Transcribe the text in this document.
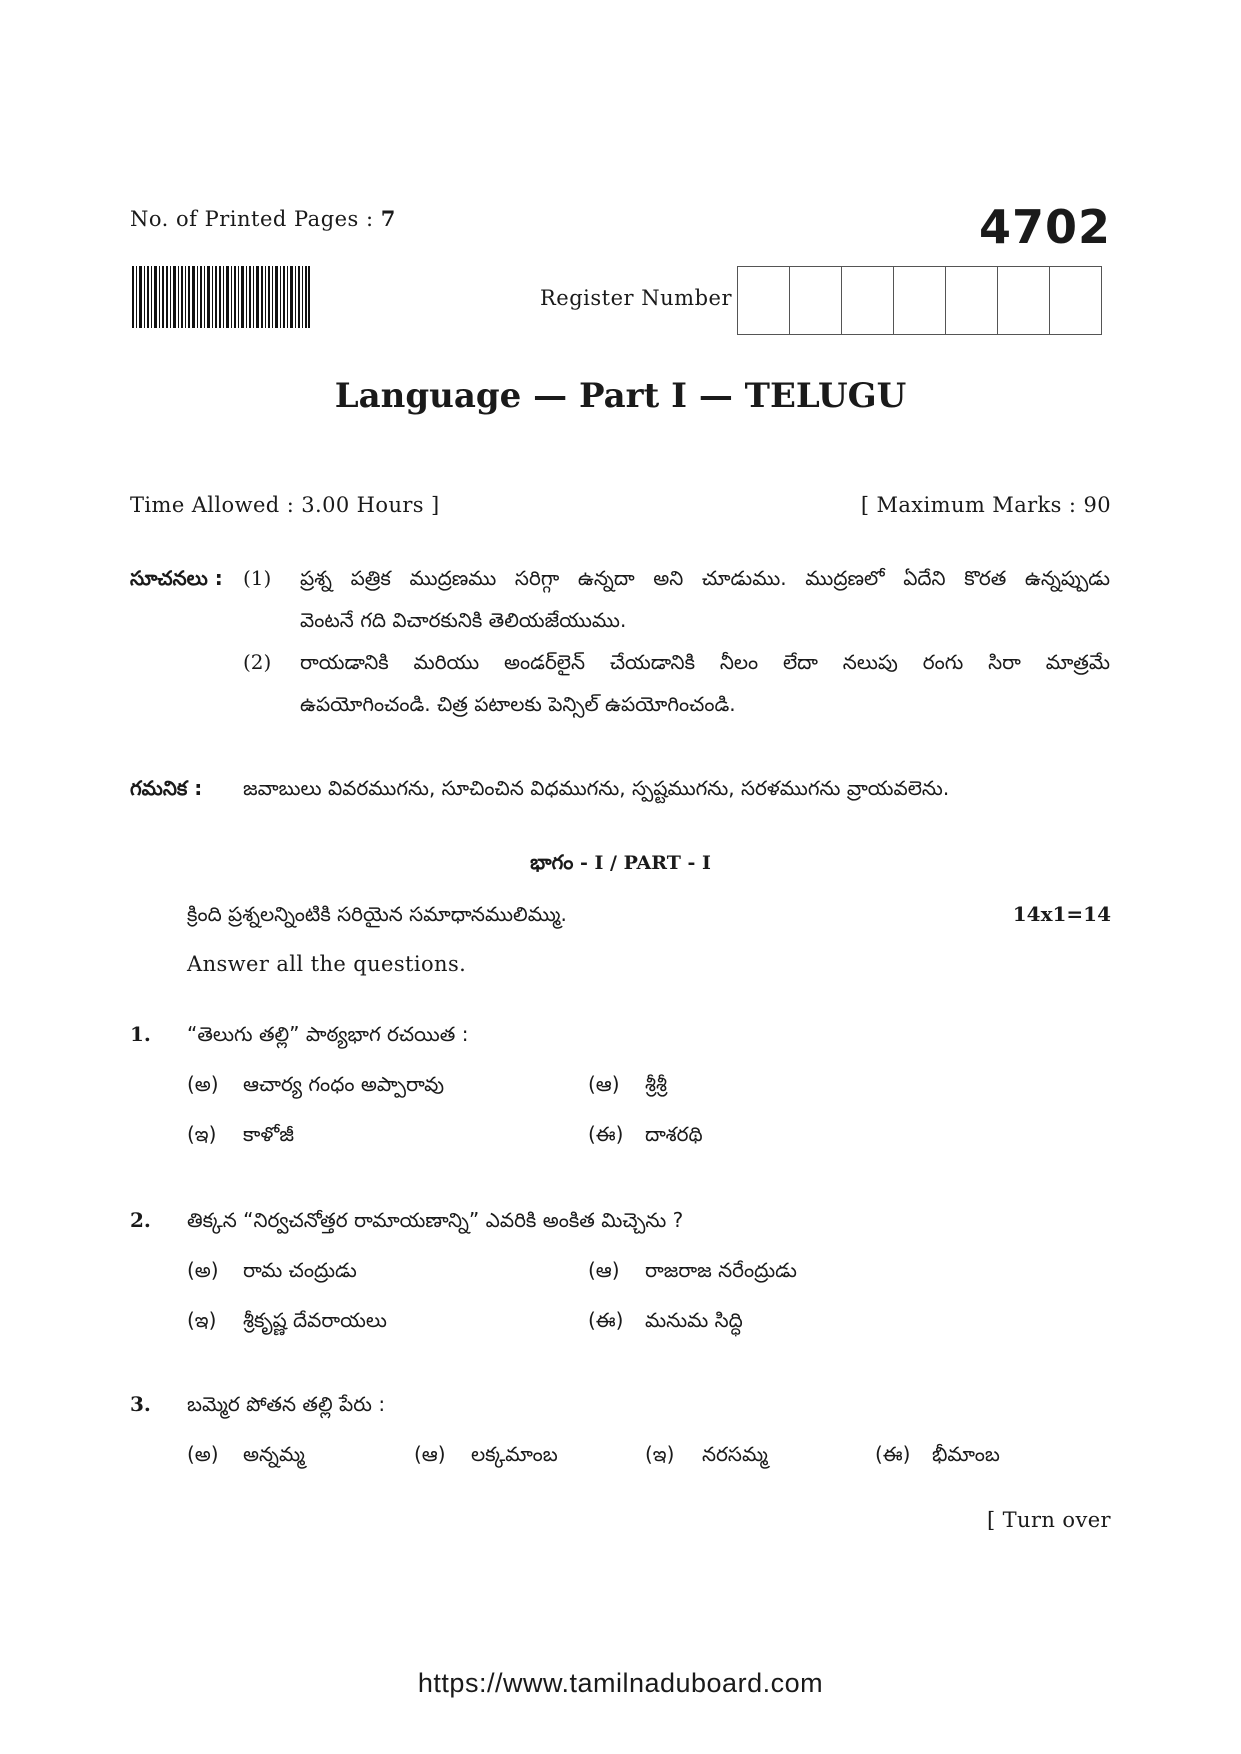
No. of Printed Pages : 7	4702
Register Number
Language — Part I — TELUGU
Time Allowed : 3.00 Hours ]	[ Maximum Marks : 90
సూచనలు : (1) ప్రశ్న పత్రిక ముద్రణము సరిగ్గా ఉన్నదా అని చూడుము. ముద్రణలో ఏదేని కొరత ఉన్నప్పుడు
వెంటనే గది విచారకునికి తెలియజేయుము.
(2) రాయడానికి మరియు అండర్‌లైన్ చేయడానికి నీలం లేదా నలుపు రంగు సిరా మాత్రమే
ఉపయోగించండి. చిత్ర పటాలకు పెన్సిల్ ఉపయోగించండి.
గమనిక : జవాబులు వివరముగను, సూచించిన విధముగను, స్పష్టముగను, సరళముగను వ్రాయవలెను.
భాగం - I / PART - I
క్రింది ప్రశ్నలన్నింటికి సరియైన సమాధానములిమ్ము.	14x1=14
Answer all the questions.
1. “తెలుగు తల్లి” పాఠ్యభాగ రచయిత :
(అ) ఆచార్య గంధం అప్పారావు	(ఆ) శ్రీశ్రీ
(ఇ) కాళోజీ	(ఈ) దాశరథి
2. తిక్కన “నిర్వచనోత్తర రామాయణాన్ని” ఎవరికి అంకిత మిచ్చెను ?
(అ) రామ చంద్రుడు	(ఆ) రాజరాజ నరేంద్రుడు
(ఇ) శ్రీకృష్ణ దేవరాయలు	(ఈ) మనుమ సిద్ధి
3. బమ్మెర పోతన తల్లి పేరు :
(అ) అన్నమ్మ	(ఆ) లక్కమాంబ	(ఇ) నరసమ్మ	(ఈ) భీమాంబ
[ Turn over
https://www.tamilnaduboard.com
